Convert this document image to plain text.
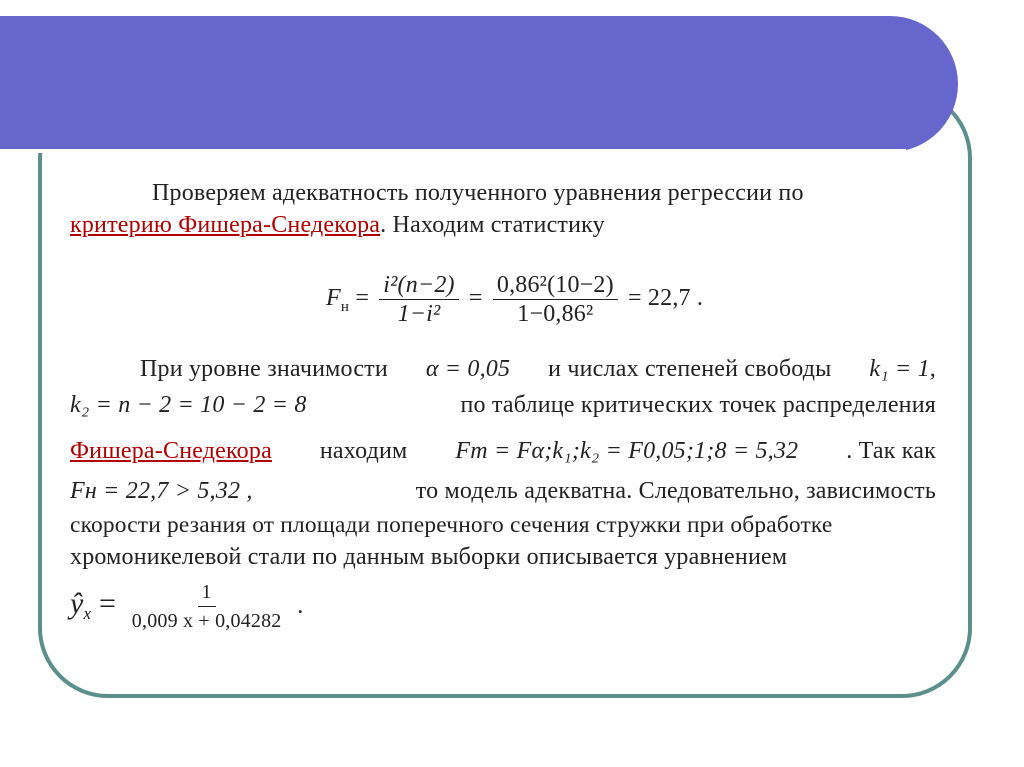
Проверяем адекватность полученного уравнения регрессии по
критерию Фишера-Снедекора. Находим статистику
$F_н = \frac{\text{i²(n−2)}}{\text{1−i²}} = \frac{\text{0,86²(10−2)}}{\text{1−0,86²}} = 22,7$ .
При уровне значимости α = 0,05 и числах степеней свободы k₁ = 1,
k₂ = n − 2 = 10 − 2 = 8	по таблице критических точек распределения
Фишера-Снедекора находим Fт = Fα;k₁;k₂ = F0,05;1;8 = 5,32 . Так как
Fн = 22,7 > 5,32 ,	то модель адекватна. Следовательно, зависимость
скорости резания от площади поперечного сечения стружки при обработке
хромоникелевой стали по данным выборки описывается уравнением
$ŷ_x = \frac{1}{0,009 x + 0,04282}$ .
